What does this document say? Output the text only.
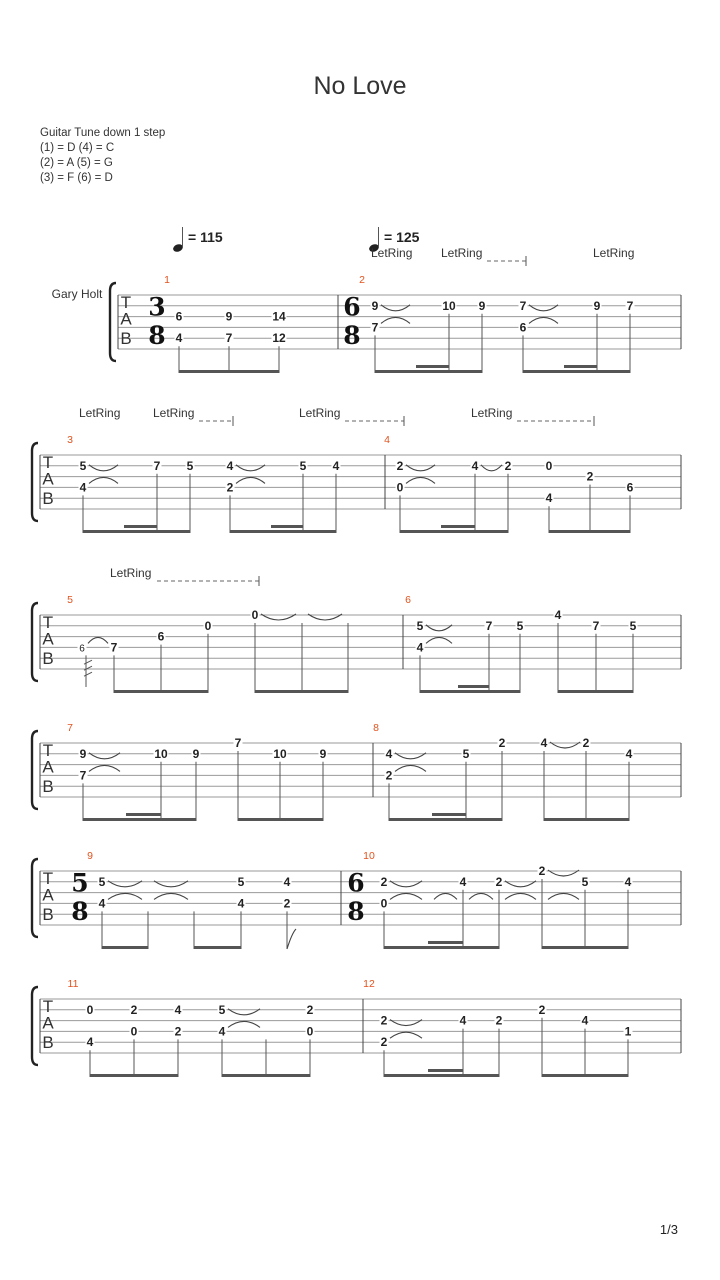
No Love
Guitar Tune down 1 step
(1) = D (4) = C
(2) = A (5) = G
(3) = F (6) = D
T
A
B
T
A
B
T
A
B
T
A
B
T
A
B
T
A
B
Gary Holt 3
8
6
8
5
8
6
8
= 115	= 125
LetRing LetRing	LetRing
LetRing	LetRing	LetRing	LetRing
LetRing
1
6
4
9
7
14
12
2
9
7
10 9	7
6
9 7
3
5
4
7 5	4
2
5 4
4
2
0
4 2	0
4
2
6
5
6 7
6
0
0
6
5
4
7 5
4
7	5
7
9
7
10 9
7
10	9
8
4
2
5
2	4	2
4
9
5
4
5	4
4	2
10
2
0
4 2
2
5	4
11
0
4
2
0
4
2
5
4
2
0
12
2
2
4 2
2
4
1
1/3
